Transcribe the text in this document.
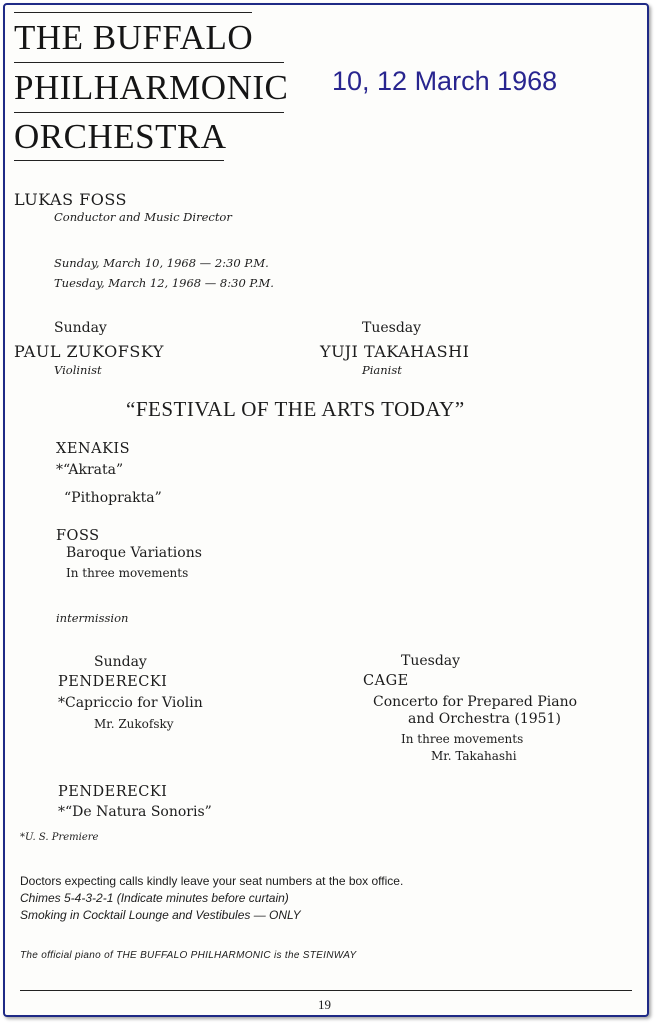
THE BUFFALO
PHILHARMONIC
ORCHESTRA
10, 12 March 1968
LUKAS FOSS
Conductor and Music Director
Sunday, March 10, 1968 — 2:30 P.M.
Tuesday, March 12, 1968 — 8:30 P.M.
Sunday
PAUL ZUKOFSKY
Violinist
Tuesday
YUJI TAKAHASHI
Pianist
“FESTIVAL OF THE ARTS TODAY”
XENAKIS
*“Akrata”
“Pithoprakta”
FOSS
Baroque Variations
In three movements
intermission
Sunday
PENDERECKI
*Capriccio for Violin
Mr. Zukofsky
Tuesday
CAGE
Concerto for Prepared Piano
and Orchestra (1951)
In three movements
Mr. Takahashi
PENDERECKI
*“De Natura Sonoris”
*U. S. Premiere
Doctors expecting calls kindly leave your seat numbers at the box office.
Chimes 5-4-3-2-1 (Indicate minutes before curtain)
Smoking in Cocktail Lounge and Vestibules — ONLY
The official piano of THE BUFFALO PHILHARMONIC is the STEINWAY
19
